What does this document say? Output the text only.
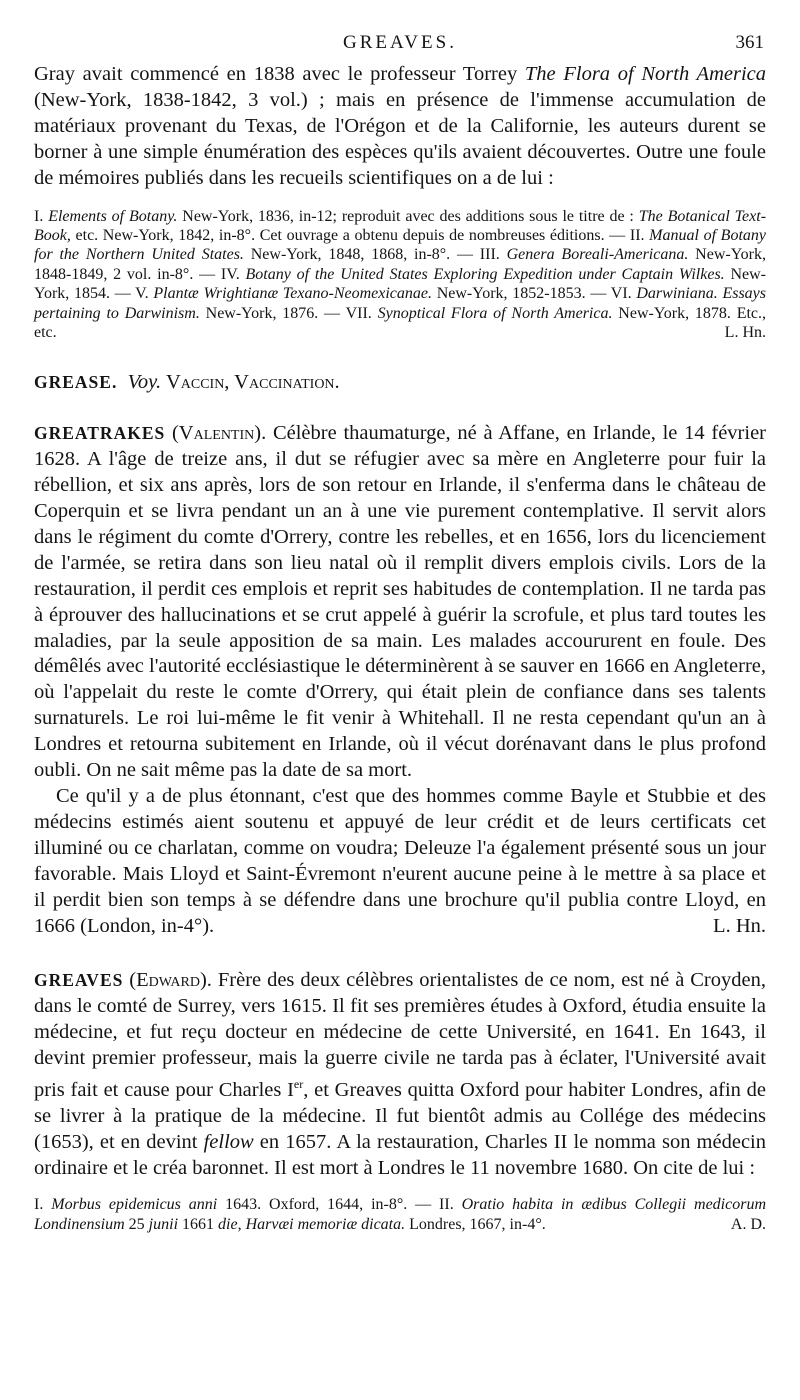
GREAVES.	361

Gray avait commencé en 1838 avec le professeur Torrey The Flora of North America (New-York, 1838-1842, 3 vol.) ; mais en présence de l'immense accumulation de matériaux provenant du Texas, de l'Orégon et de la Californie, les auteurs durent se borner à une simple énumération des espèces qu'ils avaient découvertes. Outre une foule de mémoires publiés dans les recueils scientifiques on a de lui :

I. Elements of Botany. New-York, 1836, in-12; reproduit avec des additions sous le titre de : The Botanical Text-Book, etc. New-York, 1842, in-8°. Cet ouvrage a obtenu depuis de nombreuses éditions. — II. Manual of Botany for the Northern United States. New-York, 1848, 1868, in-8°. — III. Genera Boreali-Americana. New-York, 1848-1849, 2 vol. in-8°. — IV. Botany of the United States Exploring Expedition under Captain Wilkes. New-York, 1854. — V. Plantæ Wrightianæ Texano-Neomexicanae. New-York, 1852-1853. — VI. Darwiniana. Essays pertaining to Darwinism. New-York, 1876. — VII. Synoptical Flora of North America. New-York, 1878. Etc., etc.	L. Hn.

GREASE. Voy. Vaccin, Vaccination.

GREATRAKES (Valentin). Célèbre thaumaturge, né à Affane, en Irlande, le 14 février 1628. A l'âge de treize ans, il dut se réfugier avec sa mère en Angleterre pour fuir la rébellion, et six ans après, lors de son retour en Irlande, il s'enferma dans le château de Coperquin et se livra pendant un an à une vie purement contemplative. Il servit alors dans le régiment du comte d'Orrery, contre les rebelles, et en 1656, lors du licenciement de l'armée, se retira dans son lieu natal où il remplit divers emplois civils. Lors de la restauration, il perdit ces emplois et reprit ses habitudes de contemplation. Il ne tarda pas à éprouver des hallucinations et se crut appelé à guérir la scrofule, et plus tard toutes les maladies, par la seule apposition de sa main. Les malades accoururent en foule. Des démêlés avec l'autorité ecclésiastique le déterminèrent à se sauver en 1666 en Angleterre, où l'appelait du reste le comte d'Orrery, qui était plein de confiance dans ses talents surnaturels. Le roi lui-même le fit venir à Whitehall. Il ne resta cependant qu'un an à Londres et retourna subitement en Irlande, où il vécut dorénavant dans le plus profond oubli. On ne sait même pas la date de sa mort.

Ce qu'il y a de plus étonnant, c'est que des hommes comme Bayle et Stubbie et des médecins estimés aient soutenu et appuyé de leur crédit et de leurs certificats cet illuminé ou ce charlatan, comme on voudra; Deleuze l'a également présenté sous un jour favorable. Mais Lloyd et Saint-Évremont n'eurent aucune peine à le mettre à sa place et il perdit bien son temps à se défendre dans une brochure qu'il publia contre Lloyd, en 1666 (London, in-4°).	L. Hn.

GREAVES (Edward). Frère des deux célèbres orientalistes de ce nom, est né à Croyden, dans le comté de Surrey, vers 1615. Il fit ses premières études à Oxford, étudia ensuite la médecine, et fut reçu docteur en médecine de cette Université, en 1641. En 1643, il devint premier professeur, mais la guerre civile ne tarda pas à éclater, l'Université avait pris fait et cause pour Charles Ier, et Greaves quitta Oxford pour habiter Londres, afin de se livrer à la pratique de la médecine. Il fut bientôt admis au Collége des médecins (1653), et en devint fellow en 1657. A la restauration, Charles II le nomma son médecin ordinaire et le créa baronnet. Il est mort à Londres le 11 novembre 1680. On cite de lui :

I. Morbus epidemicus anni 1643. Oxford, 1644, in-8°. — II. Oratio habita in ædibus Collegii medicorum Londinensium 25 junii 1661 die, Harvæi memoriæ dicata. Londres, 1667, in-4°.	A. D.
